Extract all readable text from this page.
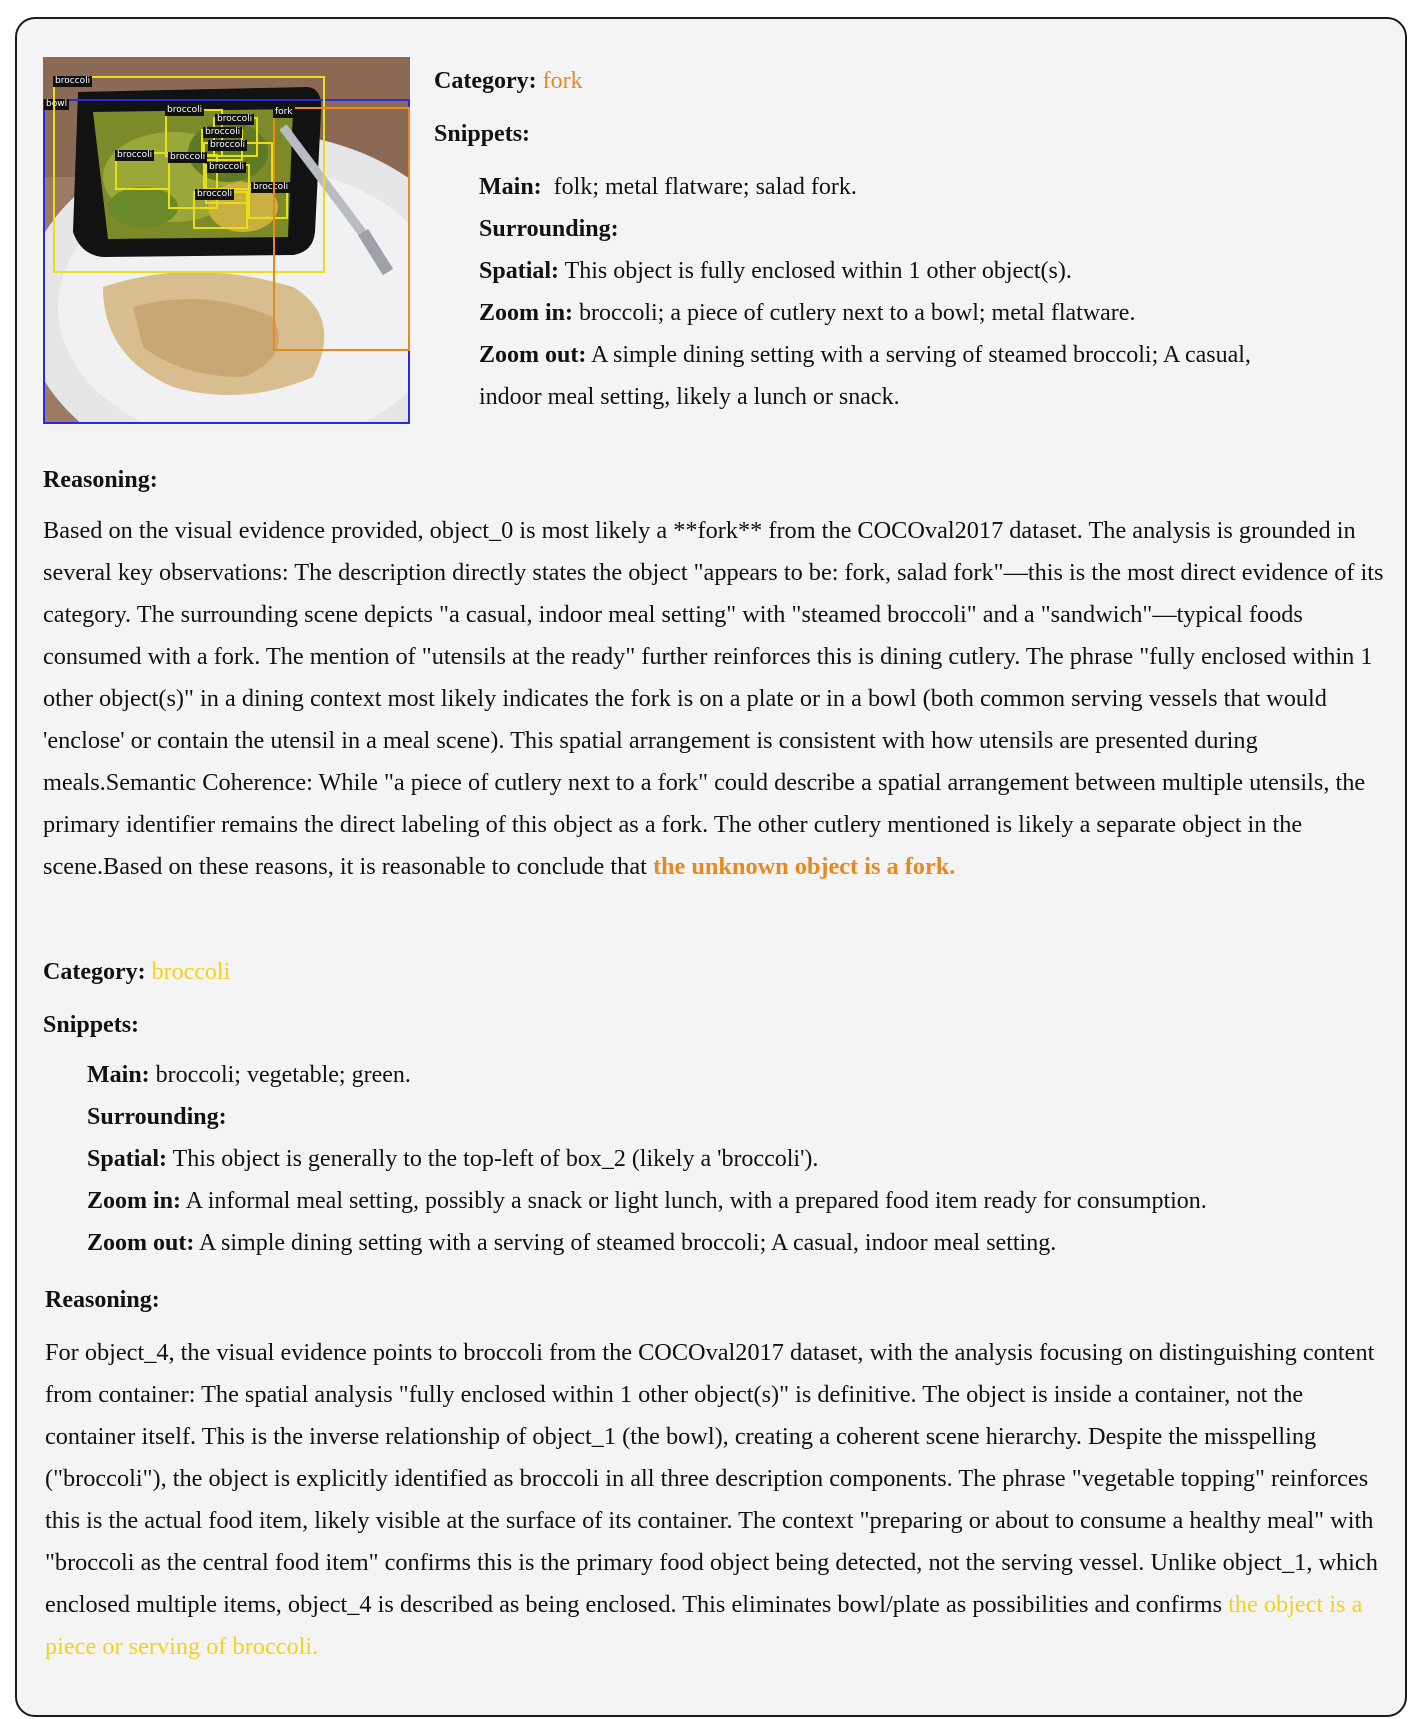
bowl
broccoli
broccoli
broccoli
broccoli
broccoli
broccoli broccoli
broccoli
broccoli
broccoli
fork
Category: fork
Snippets:
Main: folk; metal flatware; salad fork.
Surrounding:
Spatial: This object is fully enclosed within 1 other object(s).
Zoom in: broccoli; a piece of cutlery next to a bowl; metal flatware.
Zoom out: A simple dining setting with a serving of steamed broccoli; A casual,
indoor meal setting, likely a lunch or snack.
Reasoning:
Based on the visual evidence provided, object_0 is most likely a **fork** from the COCOval2017 dataset. The analysis is grounded in several key observations: The description directly states the object "appears to be: fork, salad fork"—this is the most direct evidence of its category. The surrounding scene depicts "a casual, indoor meal setting" with "steamed broccoli" and a "sandwich"—typical foods consumed with a fork. The mention of "utensils at the ready" further reinforces this is dining cutlery. The phrase "fully enclosed within 1 other object(s)" in a dining context most likely indicates the fork is on a plate or in a bowl (both common serving vessels that would 'enclose' or contain the utensil in a meal scene). This spatial arrangement is consistent with how utensils are presented during meals.Semantic Coherence: While "a piece of cutlery next to a fork" could describe a spatial arrangement between multiple utensils, the primary identifier remains the direct labeling of this object as a fork. The other cutlery mentioned is likely a separate object in the scene.Based on these reasons, it is reasonable to conclude that the unknown object is a fork.
Category: broccoli
Snippets:
Main: broccoli; vegetable; green.
Surrounding:
Spatial: This object is generally to the top-left of box_2 (likely a 'broccoli').
Zoom in: A informal meal setting, possibly a snack or light lunch, with a prepared food item ready for consumption.
Zoom out: A simple dining setting with a serving of steamed broccoli; A casual, indoor meal setting.
Reasoning:
For object_4, the visual evidence points to broccoli from the COCOval2017 dataset, with the analysis focusing on distinguishing content from container: The spatial analysis "fully enclosed within 1 other object(s)" is definitive. The object is inside a container, not the container itself. This is the inverse relationship of object_1 (the bowl), creating a coherent scene hierarchy. Despite the misspelling ("broccoli"), the object is explicitly identified as broccoli in all three description components. The phrase "vegetable topping" reinforces this is the actual food item, likely visible at the surface of its container. The context "preparing or about to consume a healthy meal" with "broccoli as the central food item" confirms this is the primary food object being detected, not the serving vessel. Unlike object_1, which enclosed multiple items, object_4 is described as being enclosed. This eliminates bowl/plate as possibilities and confirms the object is a piece or serving of broccoli.
